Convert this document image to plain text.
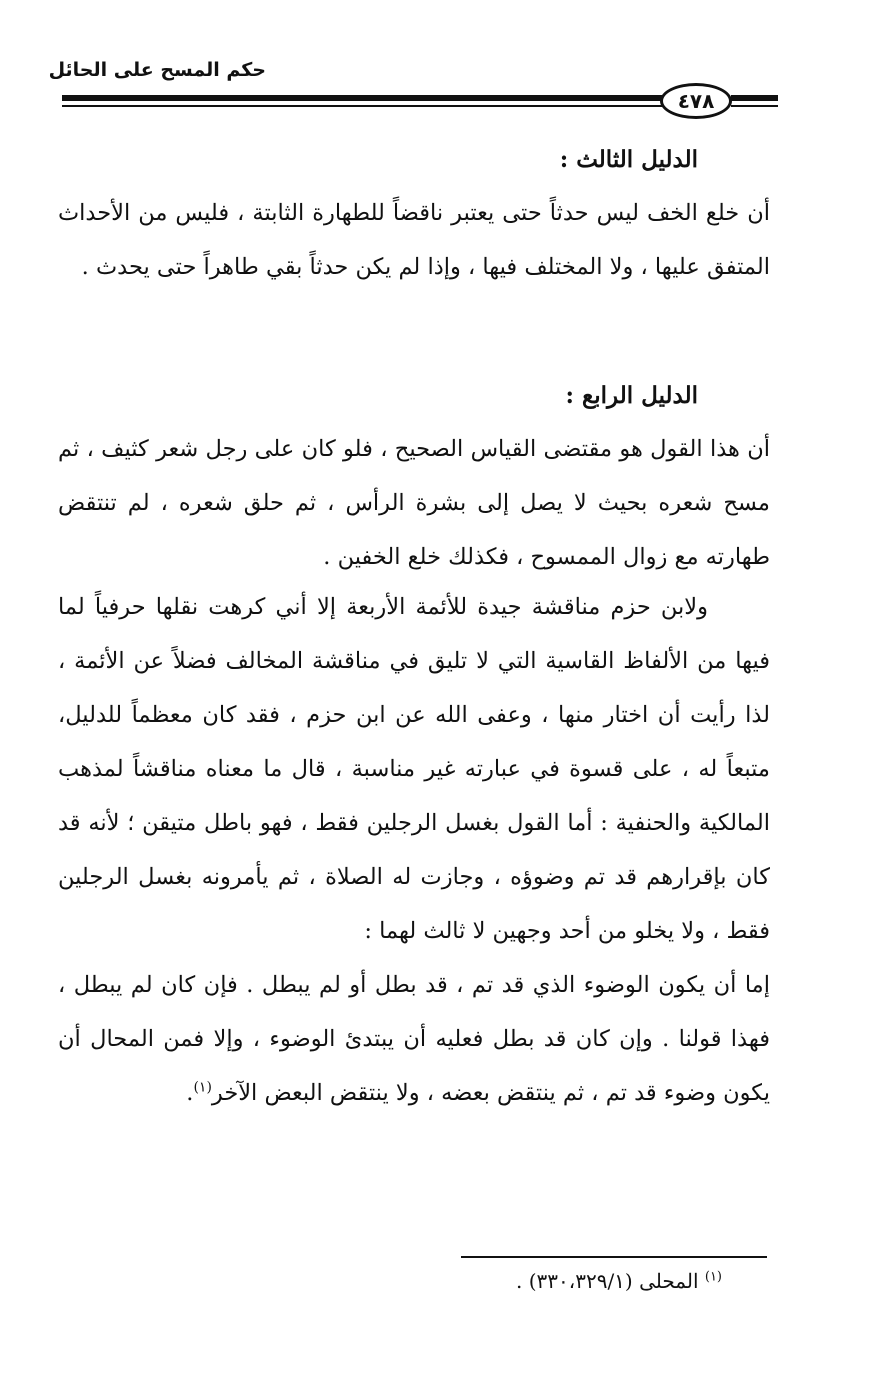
حكم المسح على الحائل
٤٧٨
الدليل الثالث :
أن خلع الخف ليس حدثاً حتى يعتبر ناقضاً للطهارة الثابتة ، فليس من الأحداث المتفق عليها ، ولا المختلف فيها ، وإذا لم يكن حدثاً بقي طاهراً حتى يحدث .
الدليل الرابع :
أن هذا القول هو مقتضى القياس الصحيح ، فلو كان على رجل شعر كثيف ، ثم مسح شعره بحيث لا يصل إلى بشرة الرأس ، ثم حلق شعره ، لم تنتقض طهارته مع زوال الممسوح ، فكذلك خلع الخفين .
ولابن حزم مناقشة جيدة للأئمة الأربعة إلا أني كرهت نقلها حرفياً لما فيها من الألفاظ القاسية التي لا تليق في مناقشة المخالف فضلاً عن الأئمة ، لذا رأيت أن اختار منها ، وعفى الله عن ابن حزم ، فقد كان معظماً للدليل، متبعاً له ، على قسوة في عبارته غير مناسبة ، قال ما معناه مناقشاً لمذهب المالكية والحنفية : أما القول بغسل الرجلين فقط ، فهو باطل متيقن ؛ لأنه قد كان بإقرارهم قد تم وضوؤه ، وجازت له الصلاة ، ثم يأمرونه بغسل الرجلين فقط ، ولا يخلو من أحد وجهين لا ثالث لهما :
إما أن يكون الوضوء الذي قد تم ، قد بطل أو لم يبطل . فإن كان لم يبطل ، فهذا قولنا . وإن كان قد بطل فعليه أن يبتدئ الوضوء ، وإلا فمن المحال أن يكون وضوء قد تم ، ثم ينتقض بعضه ، ولا ينتقض البعض الآخر$^{(١)}$.
$^{(١)}$ المحلى (٣٣٠،٣٢٩/١) .
